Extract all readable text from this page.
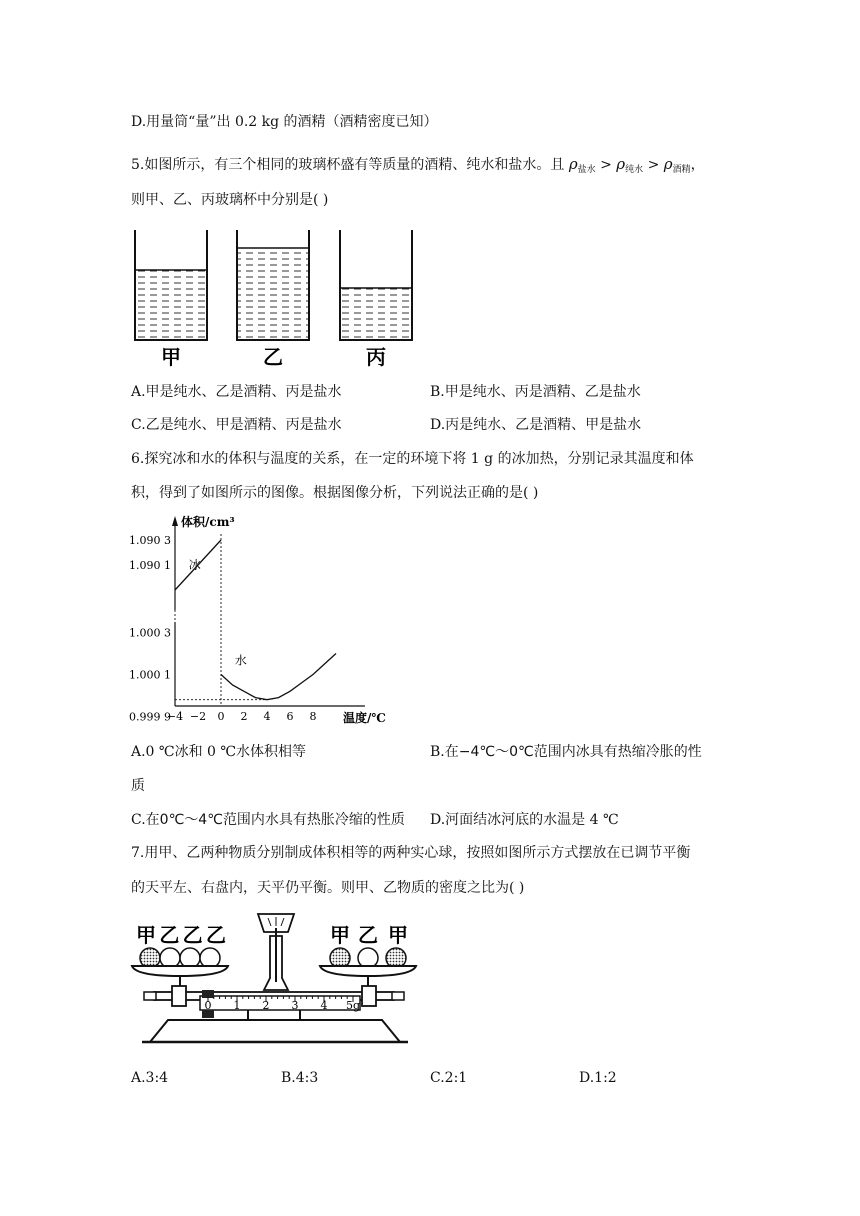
D.用量筒“量”出 0.2 kg 的酒精（酒精密度已知）
5.如图所示，有三个相同的玻璃杯盛有等质量的酒精、纯水和盐水。且 $\rho_{盐水} > \rho_{纯水} > \rho_{酒精}$，
则甲、乙、丙玻璃杯中分别是( )
甲	乙	丙
A.甲是纯水、乙是酒精、丙是盐水	B.甲是纯水、丙是酒精、乙是盐水
C.乙是纯水、甲是酒精、丙是盐水	D.丙是纯水、乙是酒精、甲是盐水
6.探究冰和水的体积与温度的关系，在一定的环境下将 1 g 的冰加热，分别记录其温度和体
积，得到了如图所示的图像。根据图像分析，下列说法正确的是( )
体积/cm³
温度/℃
−4 −2 0 2 4 6 8
1.090 3
1.090 1
1.000 3
1.000 1
0.999 9
冰
水
A.0 ℃冰和 0 ℃水体积相等	B.在−4℃～0℃范围内冰具有热缩冷胀的性
质
C.在0℃～4℃范围内水具有热胀冷缩的性质 D.河面结冰河底的水温是 4 ℃
7.用甲、乙两种物质分别制成体积相等的两种实心球，按照如图所示方式摆放在已调节平衡
的天平左、右盘内，天平仍平衡。则甲、乙物质的密度之比为( )
甲乙乙乙	甲 乙 甲
0 1 2 3 4 5g
A.3:4	B.4:3	C.2:1	D.1:2
